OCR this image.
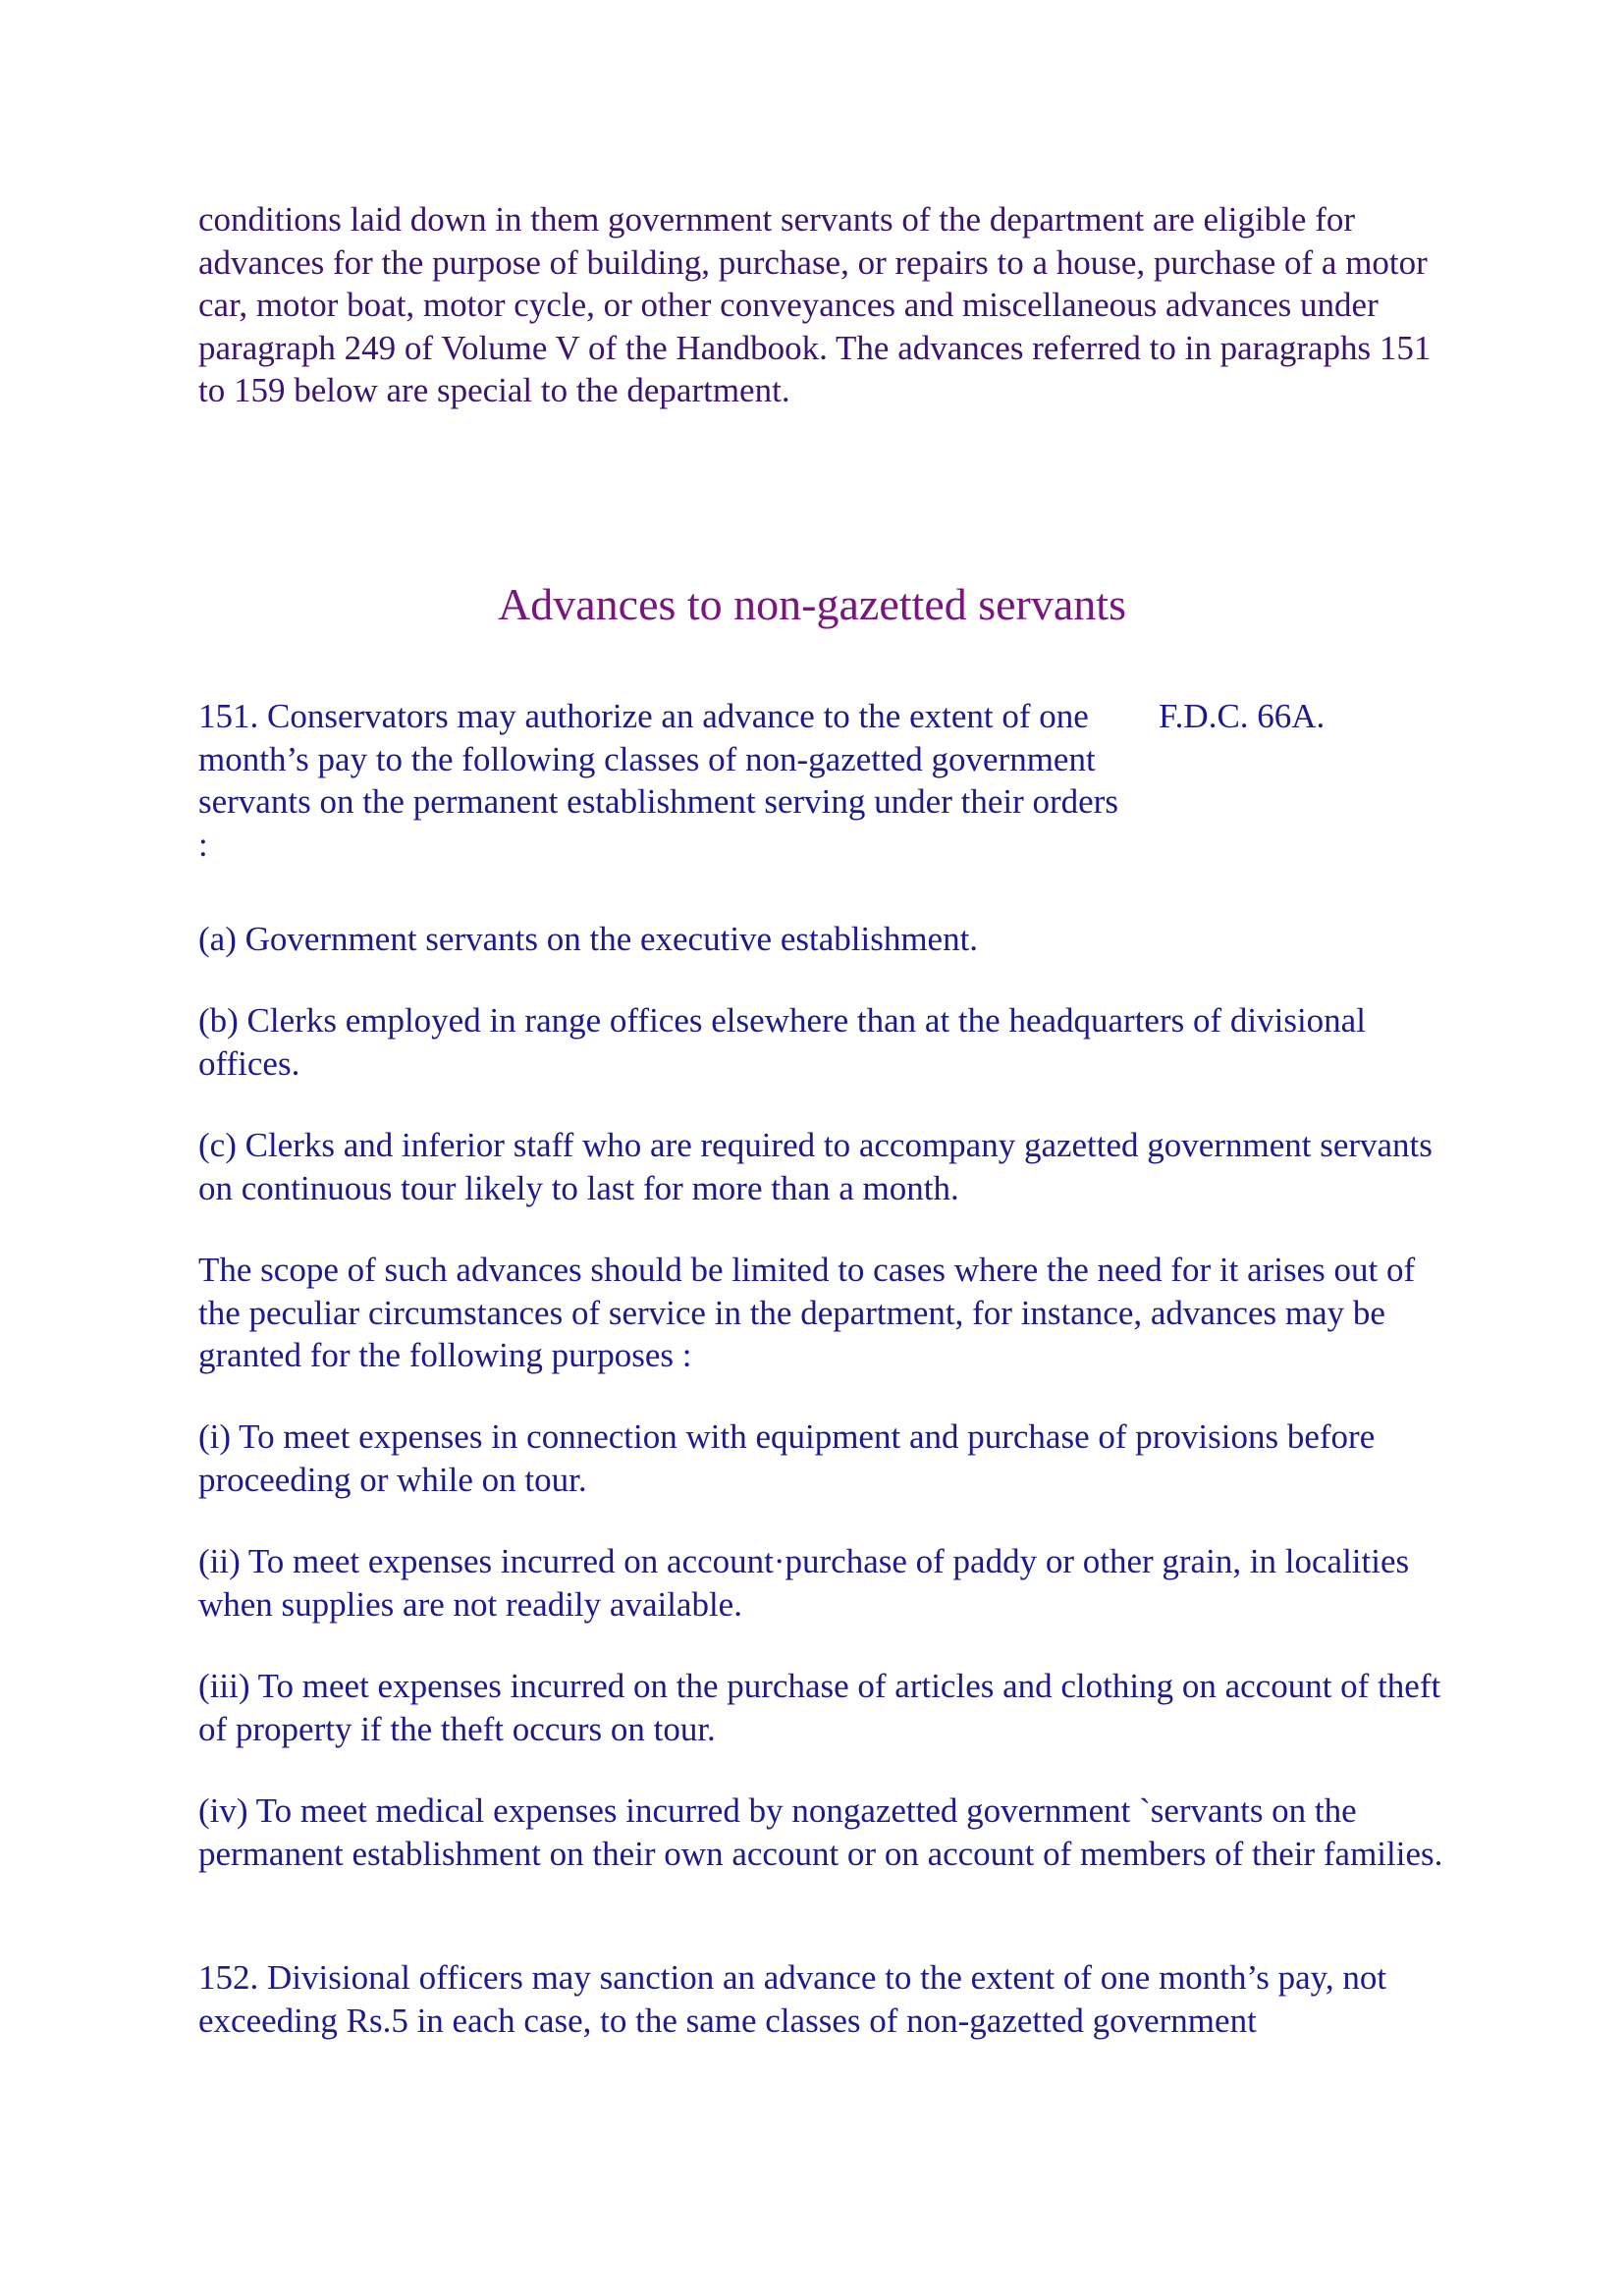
conditions laid down in them government servants of the department are eligible for advances for the purpose of building, purchase, or repairs to a house, purchase of a motor car, motor boat, motor cycle, or other conveyances and miscellaneous advances under paragraph 249 of Volume V of the Handbook. The advances referred to in paragraphs 151 to 159 below are special to the department.

Advances to non-gazetted servants

151. Conservators may authorize an advance to the extent of one month’s pay to the following classes of non-gazetted government servants on the permanent establishment serving under their orders :

F.D.C. 66A.

(a) Government servants on the executive establishment.

(b) Clerks employed in range offices elsewhere than at the headquarters of divisional offices.

(c) Clerks and inferior staff who are required to accompany gazetted government servants on continuous tour likely to last for more than a month.

The scope of such advances should be limited to cases where the need for it arises out of the peculiar circumstances of service in the department, for instance, advances may be granted for the following purposes :

(i) To meet expenses in connection with equipment and purchase of provisions before proceeding or while on tour.

(ii) To meet expenses incurred on account·purchase of paddy or other grain, in localities when supplies are not readily available.

(iii) To meet expenses incurred on the purchase of articles and clothing on account of theft of property if the theft occurs on tour.

(iv) To meet medical expenses incurred by nongazetted government `servants on the permanent establishment on their own account or on account of members of their families.

152. Divisional officers may sanction an advance to the extent of one month’s pay, not exceeding Rs.5 in each case, to the same classes of non-gazetted government
